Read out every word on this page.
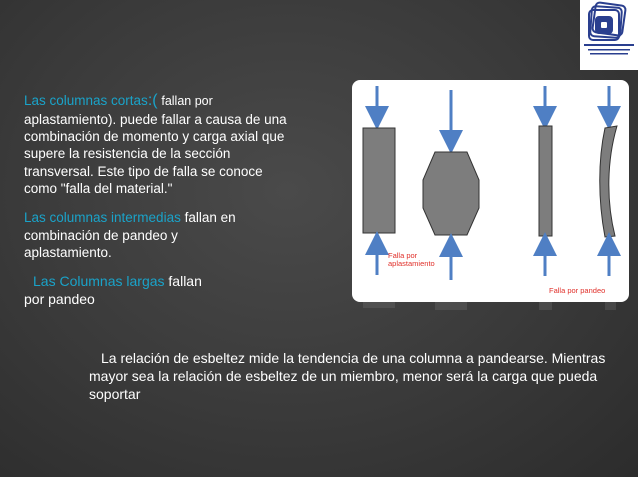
Las columnas cortas:( fallan por
aplastamiento). puede fallar a causa de una
combinación de momento y carga axial que
supere la resistencia de la sección
transversal. Este tipo de falla se conoce
como "falla del material."
Las columnas intermedias fallan en
combinación de pandeo y
aplastamiento.
Las Columnas largas fallan
por pandeo
Falla por
aplastamiento
Falla por pandeo
La relación de esbeltez mide la tendencia de una columna a pandearse. Mientras mayor sea la relación de esbeltez de un miembro, menor será la carga que pueda soportar
